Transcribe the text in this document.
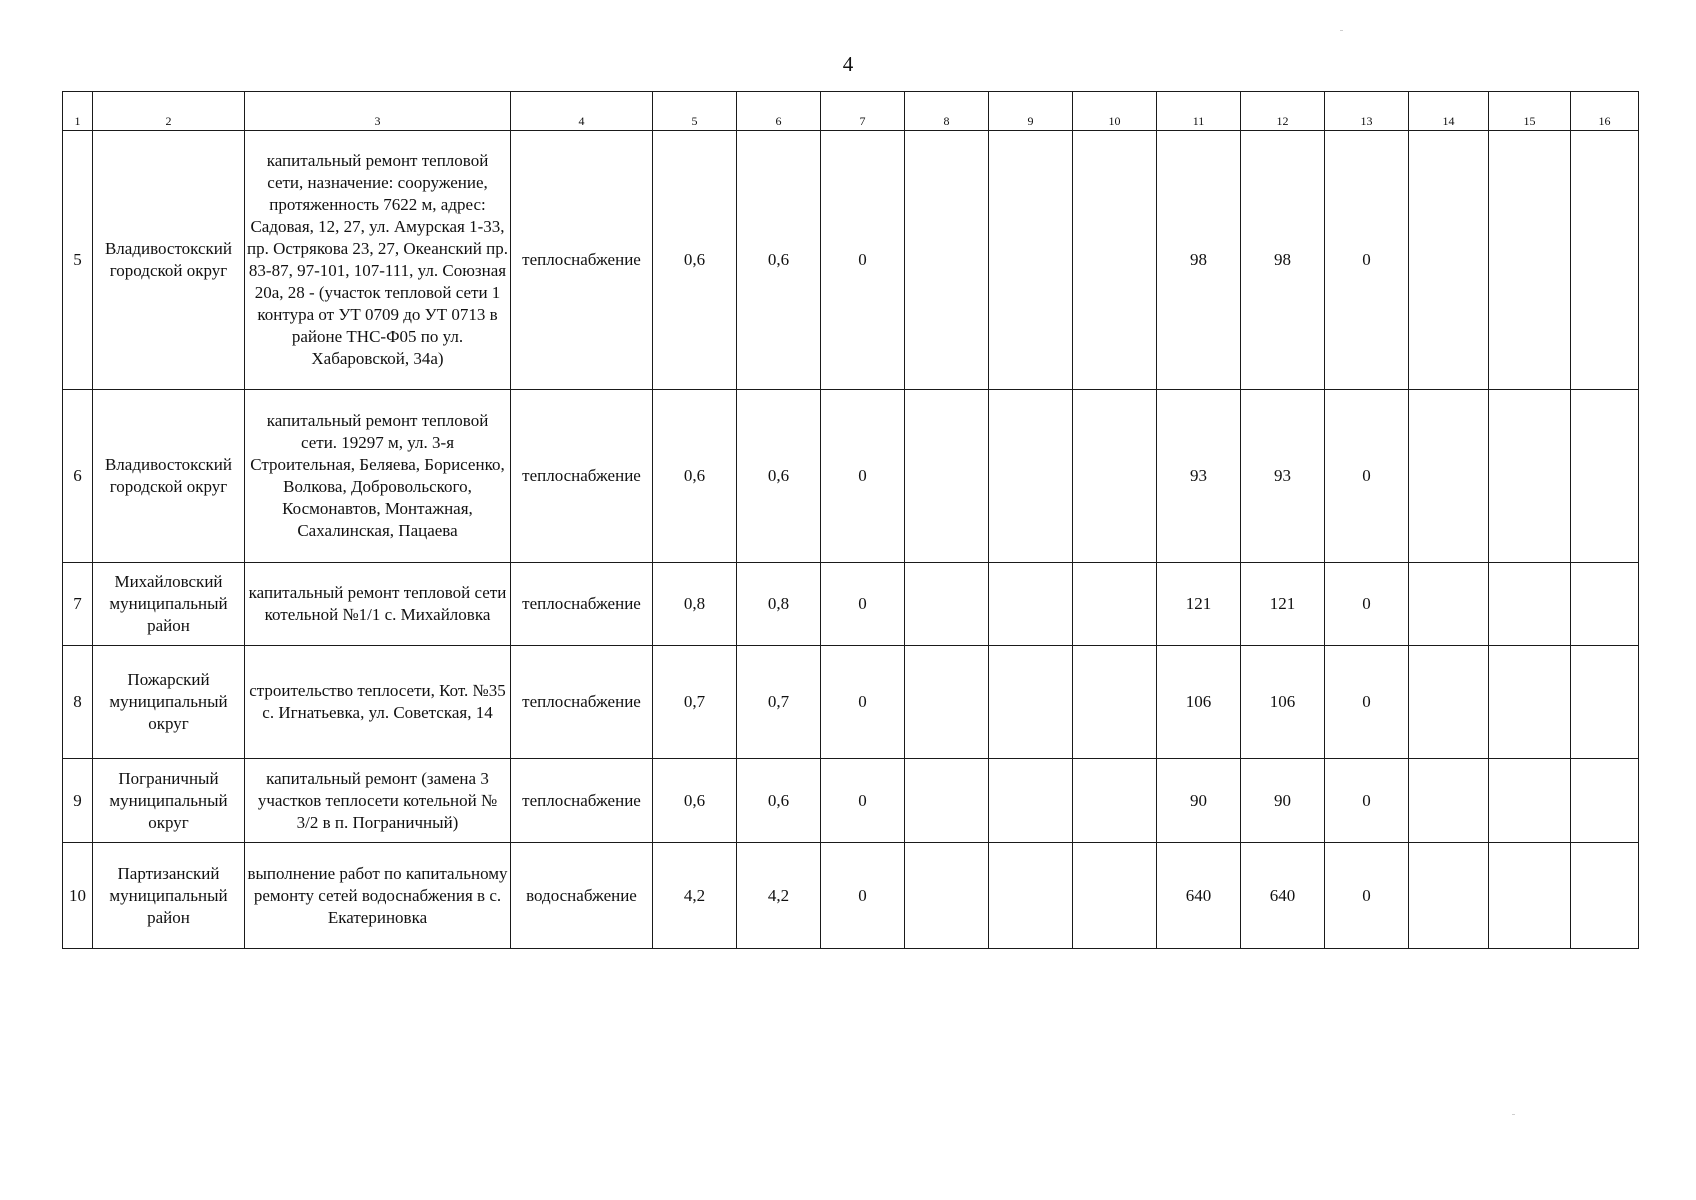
4
1	2	3	4	5	6	7	8	9	10	11	12	13	14	15	16
5	Владивостокский городской округ	капитальный ремонт тепловой сети, назначение: сооружение, протяженность 7622 м, адрес: Садовая, 12, 27, ул. Амурская 1-33, пр. Острякова 23, 27, Океанский пр. 83-87, 97-101, 107-111, ул. Союзная 20а, 28 - (участок тепловой сети 1 контура от УТ 0709 до УТ 0713 в районе ТНС-Ф05 по ул. Хабаровской, 34а)	теплоснабжение	0,6	0,6	0				98	98	0			
6	Владивостокский городской округ	капитальный ремонт тепловой сети. 19297 м, ул. 3-я Строительная, Беляева, Борисенко, Волкова, Добровольского, Космонавтов, Монтажная, Сахалинская, Пацаева	теплоснабжение	0,6	0,6	0				93	93	0			
7	Михайловский муниципальный район	капитальный ремонт тепловой сети котельной №1/1 с. Михайловка	теплоснабжение	0,8	0,8	0				121	121	0			
8	Пожарский муниципальный округ	строительство теплосети, Кот. №35 с. Игнатьевка, ул. Советская, 14	теплоснабжение	0,7	0,7	0				106	106	0			
9	Пограничный муниципальный округ	капитальный ремонт (замена 3 участков теплосети котельной № 3/2 в п. Пограничный)	теплоснабжение	0,6	0,6	0				90	90	0			
10	Партизанский муниципальный район	выполнение работ по капитальному ремонту сетей водоснабжения в с. Екатериновка	водоснабжение	4,2	4,2	0				640	640	0			
